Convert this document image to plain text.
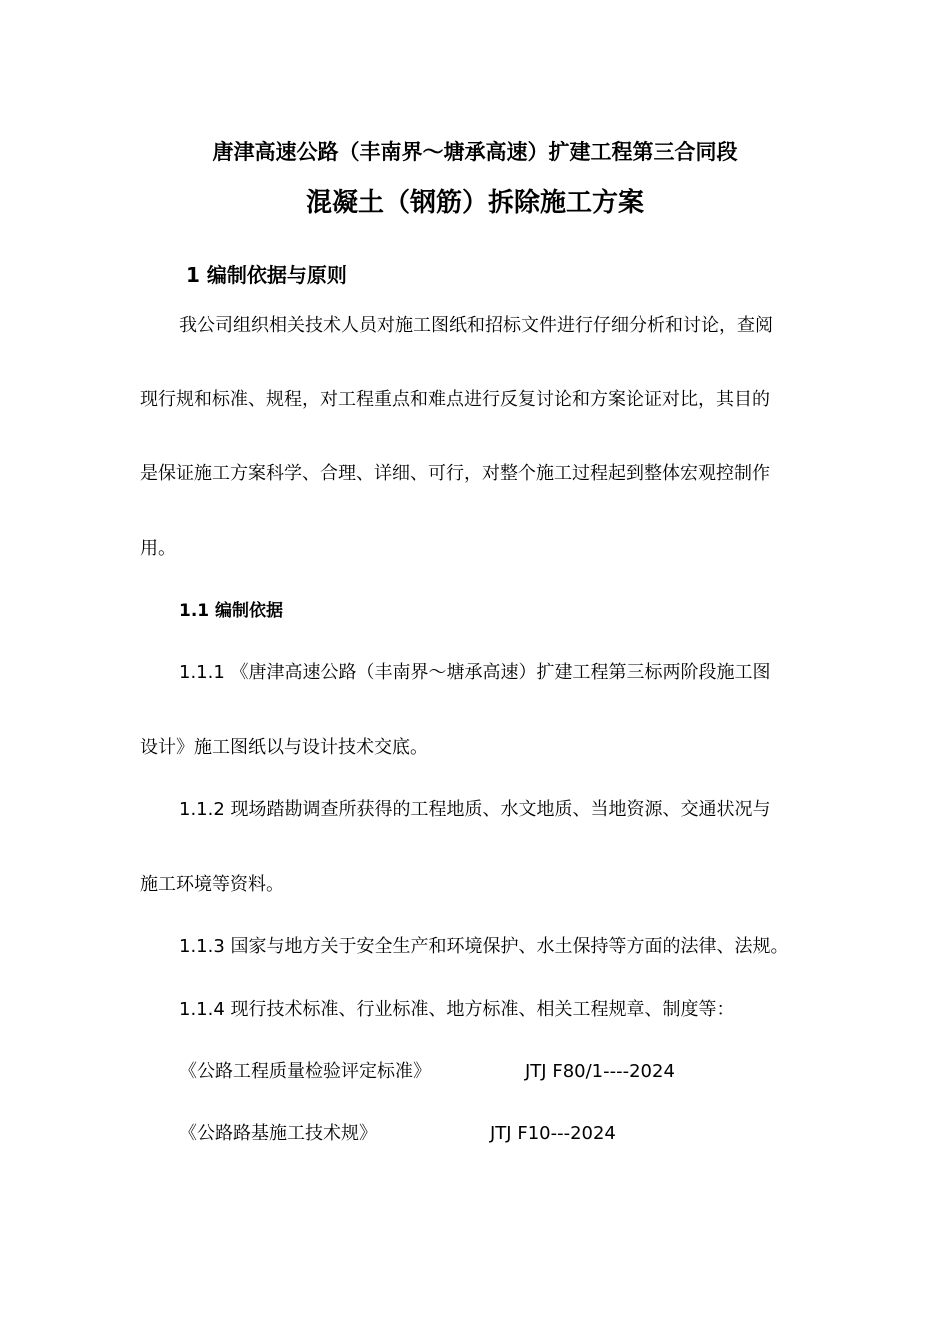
唐津高速公路（丰南界～塘承高速）扩建工程第三合同段
混凝土（钢筋）拆除施工方案
1 编制依据与原则
我公司组织相关技术人员对施工图纸和招标文件进行仔细分析和讨论，查阅
现行规和标准、规程，对工程重点和难点进行反复讨论和方案论证对比，其目的
是保证施工方案科学、合理、详细、可行，对整个施工过程起到整体宏观控制作
用。
1.1 编制依据
1.1.1 《唐津高速公路（丰南界～塘承高速）扩建工程第三标两阶段施工图
设计》施工图纸以与设计技术交底。
1.1.2 现场踏勘调查所获得的工程地质、水文地质、当地资源、交通状况与
施工环境等资料。
1.1.3 国家与地方关于安全生产和环境保护、水土保持等方面的法律、法规。
1.1.4 现行技术标准、行业标准、地方标准、相关工程规章、制度等：
《公路工程质量检验评定标准》	JTJ F80/1----2024
《公路路基施工技术规》	JTJ F10---2024
